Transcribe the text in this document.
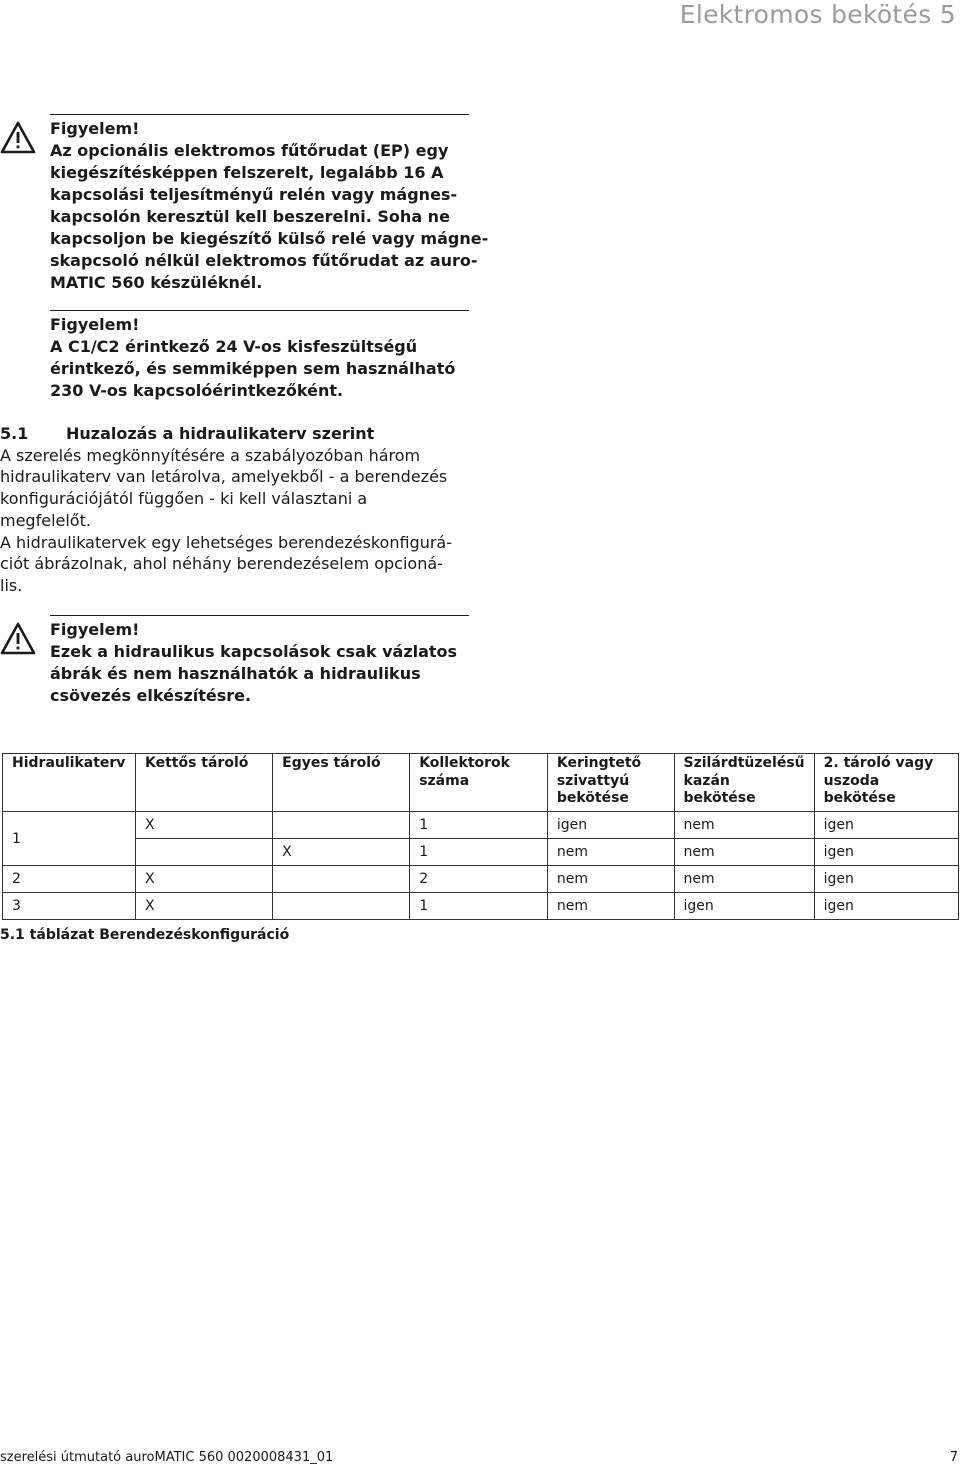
Elektromos bekötés 5
Figyelem!
Az opcionális elektromos fűtőrudat (EP) egy
kiegészítésképpen felszerelt, legalább 16 A
kapcsolási teljesítményű relén vagy mágnes-
kapcsolón keresztül kell beszerelni. Soha ne
kapcsoljon be kiegészítő külső relé vagy mágne-
skapcsoló nélkül elektromos fűtőrudat az auro-
MATIC 560 készüléknél.
Figyelem!
A C1/C2 érintkező 24 V-os kisfeszültségű
érintkező, és semmiképpen sem használható
230 V-os kapcsolóérintkezőként.
5.1 Huzalozás a hidraulikaterv szerint
A szerelés megkönnyítésére a szabályozóban három
hidraulikaterv van letárolva, amelyekből - a berendezés
konfigurációjától függően - ki kell választani a
megfelelőt.
A hidraulikatervek egy lehetséges berendezéskonfigurá-
ciót ábrázolnak, ahol néhány berendezéselem opcioná-
lis.
Figyelem!
Ezek a hidraulikus kapcsolások csak vázlatos
ábrák és nem használhatók a hidraulikus
csövezés elkészítésre.
Hidraulikaterv	Kettős tároló	Egyes tároló	Kollektorok száma	Keringtető szivattyú bekötése	Szilárdtüzelésű kazán bekötése	2. tároló vagy uszoda bekötése
1	X		1	igen	nem	igen
		X	1	nem	nem	igen
2	X		2	nem	nem	igen
3	X		1	nem	igen	igen
5.1 táblázat Berendezéskonfiguráció
szerelési útmutató auroMATIC 560 0020008431_01	7
